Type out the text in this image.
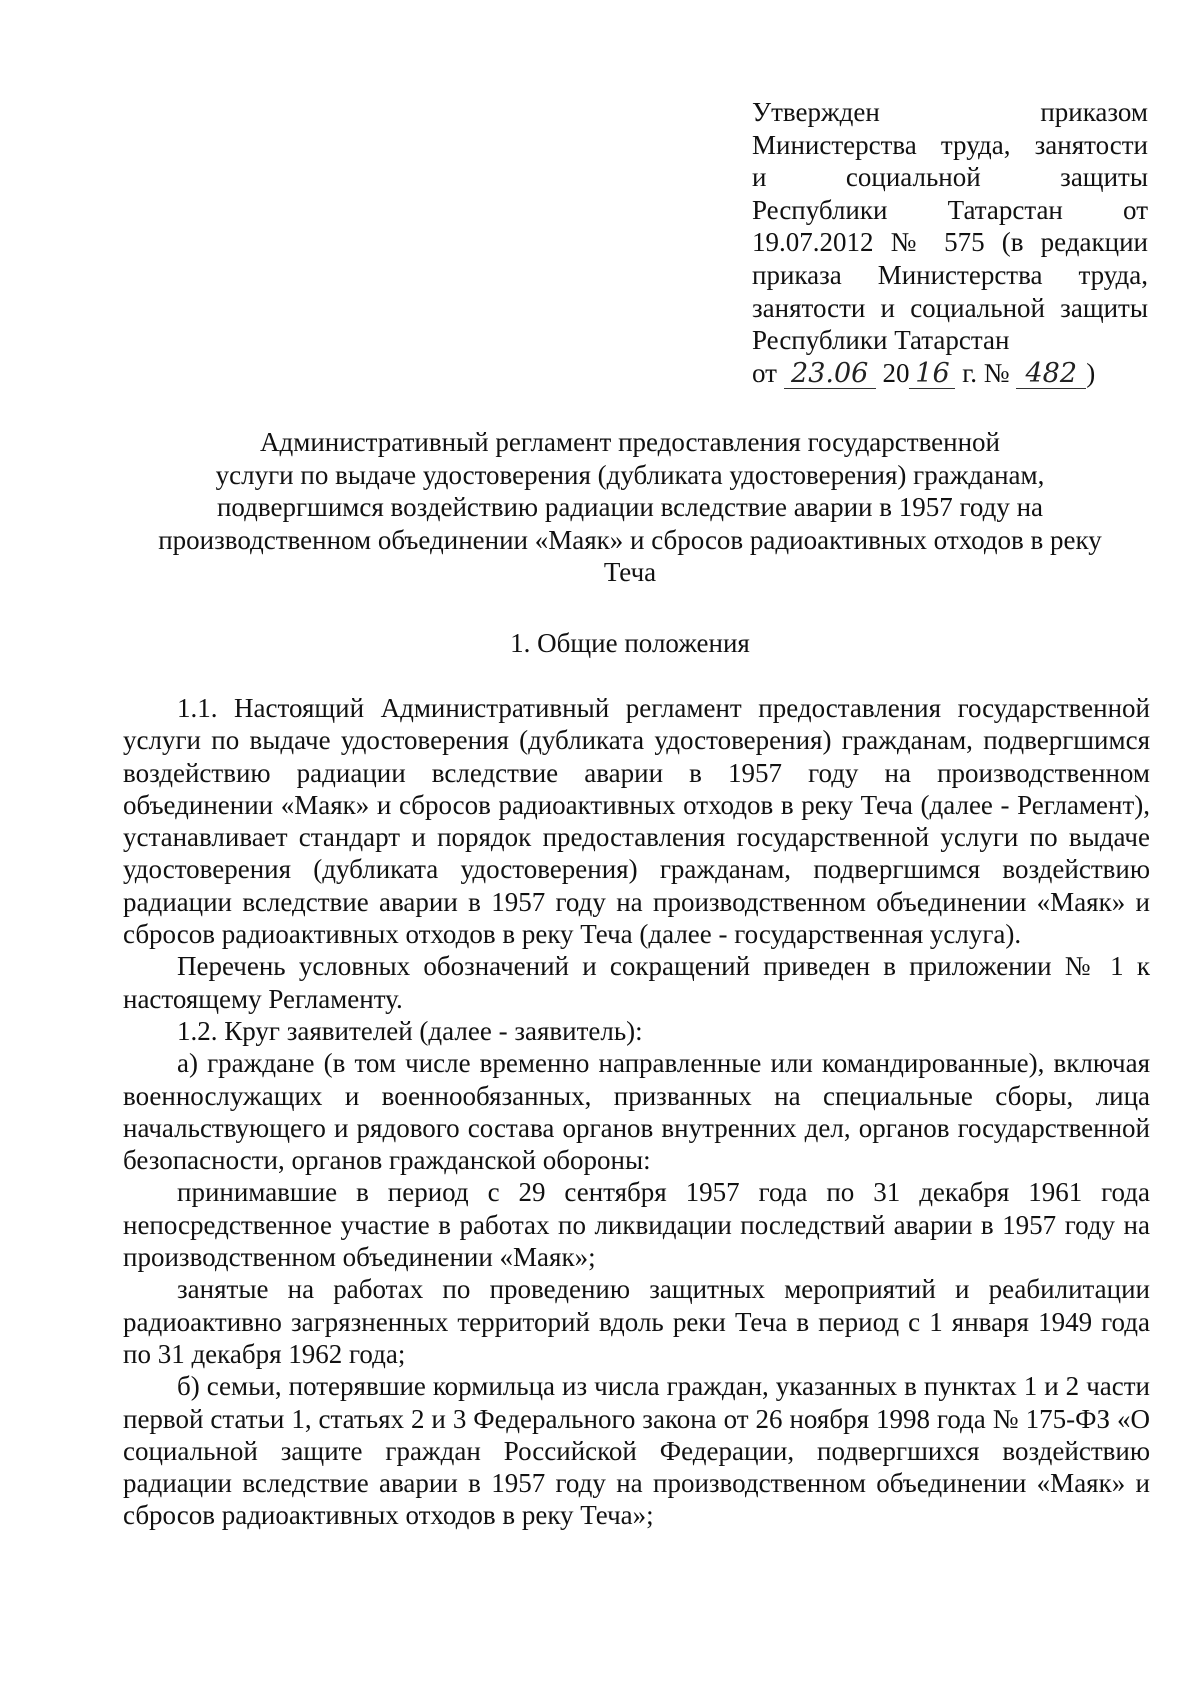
Утвержден приказом
Министерства труда, занятости
и социальной защиты
Республики Татарстан от
19.07.2012 № 575 (в редакции
приказа Министерства труда,
занятости и социальной защиты
Республики Татарстан
от 23.06 20 16 г. № 482 )
Административный регламент предоставления государственной
услуги по выдаче удостоверения (дубликата удостоверения) гражданам,
подвергшимся воздействию радиации вследствие аварии в 1957 году на
производственном объединении «Маяк» и сбросов радиоактивных отходов в реку
Теча
1. Общие положения

1.1. Настоящий Административный регламент предоставления государственной услуги по выдаче удостоверения (дубликата удостоверения) гражданам, подвергшимся воздействию радиации вследствие аварии в 1957 году на производственном объединении «Маяк» и сбросов радиоактивных отходов в реку Теча (далее - Регламент), устанавливает стандарт и порядок предоставления государственной услуги по выдаче удостоверения (дубликата удостоверения) гражданам, подвергшимся воздействию радиации вследствие аварии в 1957 году на производственном объединении «Маяк» и сбросов радиоактивных отходов в реку Теча (далее - государственная услуга).

Перечень условных обозначений и сокращений приведен в приложении № 1 к настоящему Регламенту.

1.2. Круг заявителей (далее - заявитель):

а) граждане (в том числе временно направленные или командированные), включая военнослужащих и военнообязанных, призванных на специальные сборы, лица начальствующего и рядового состава органов внутренних дел, органов государственной безопасности, органов гражданской обороны:

принимавшие в период с 29 сентября 1957 года по 31 декабря 1961 года непосредственное участие в работах по ликвидации последствий аварии в 1957 году на производственном объединении «Маяк»;

занятые на работах по проведению защитных мероприятий и реабилитации радиоактивно загрязненных территорий вдоль реки Теча в период с 1 января 1949 года по 31 декабря 1962 года;

б) семьи, потерявшие кормильца из числа граждан, указанных в пунктах 1 и 2 части первой статьи 1, статьях 2 и 3 Федерального закона от 26 ноября 1998 года № 175-ФЗ «О социальной защите граждан Российской Федерации, подвергшихся воздействию радиации вследствие аварии в 1957 году на производственном объединении «Маяк» и сбросов радиоактивных отходов в реку Теча»;
